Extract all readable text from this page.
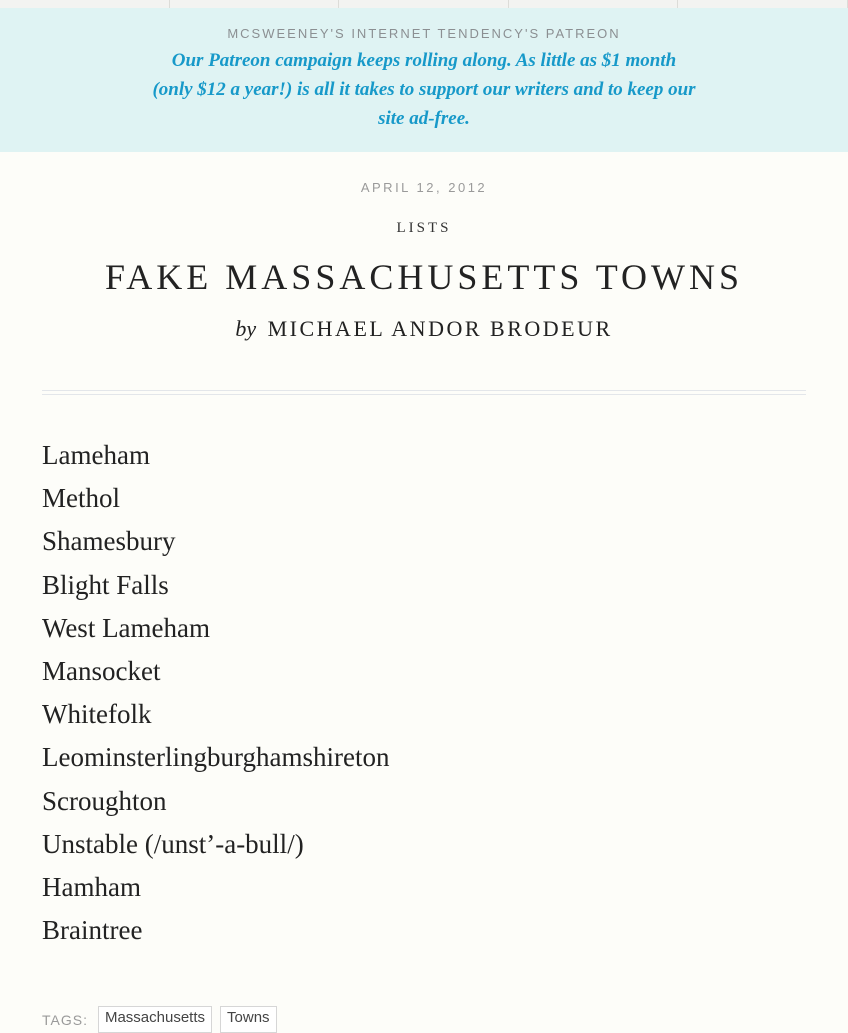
MCSWEENEY'S INTERNET TENDENCY'S PATREON
Our Patreon campaign keeps rolling along. As little as $1 month (only $12 a year!) is all it takes to support our writers and to keep our site ad-free.
APRIL 12, 2012
LISTS
FAKE MASSACHUSETTS TOWNS
by MICHAEL ANDOR BRODEUR
Lameham
Methol
Shamesbury
Blight Falls
West Lameham
Mansocket
Whitefolk
Leominsterlingburghamshireton
Scroughton
Unstable (/unst’-a-bull/)
Hamham
Braintree
TAGS:	Massachusetts	Towns
